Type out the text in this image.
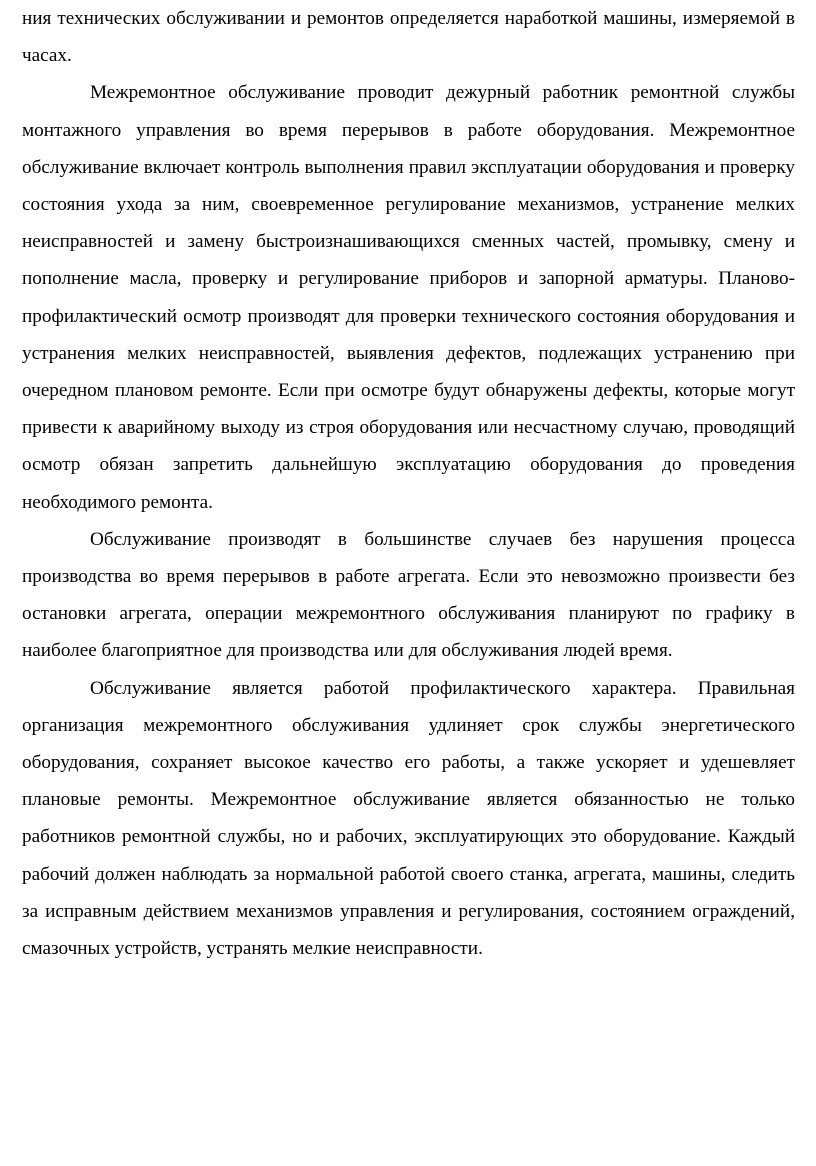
ния технических обслуживании и ремонтов определяется наработкой машины, измеряемой в часах.

Межремонтное обслуживание проводит дежурный работник ремонтной службы монтажного управления во время перерывов в работе оборудования. Межремонтное обслуживание включает контроль выполнения правил эксплуатации оборудования и проверку состояния ухода за ним, своевременное регулирование механизмов, устранение мелких неисправностей и замену быстроизнашивающихся сменных частей, промывку, смену и пополнение масла, проверку и регулирование приборов и запорной арматуры. Планово-профилактический осмотр производят для проверки технического состояния оборудования и устранения мелких неисправностей, выявления дефектов, подлежащих устранению при очередном плановом ремонте. Если при осмотре будут обнаружены дефекты, которые могут привести к аварийному выходу из строя оборудования или несчастному случаю, проводящий осмотр обязан запретить дальнейшую эксплуатацию оборудования до проведения необходимого ремонта.

Обслуживание производят в большинстве случаев без нарушения процесса производства во время перерывов в работе агрегата. Если это невозможно произвести без остановки агрегата, операции межремонтного обслуживания планируют по графику в наиболее благоприятное для производства или для обслуживания людей время.

Обслуживание является работой профилактического характера. Правильная организация межремонтного обслуживания удлиняет срок службы энергетического оборудования, сохраняет высокое качество его работы, а также ускоряет и удешевляет плановые ремонты. Межремонтное обслуживание является обязанностью не только работников ремонтной службы, но и рабочих, эксплуатирующих это оборудование. Каждый рабочий должен наблюдать за нормальной работой своего станка, агрегата, машины, следить за исправным действием механизмов управления и регулирования, состоянием ограждений, смазочных устройств, устранять мелкие неисправности.
